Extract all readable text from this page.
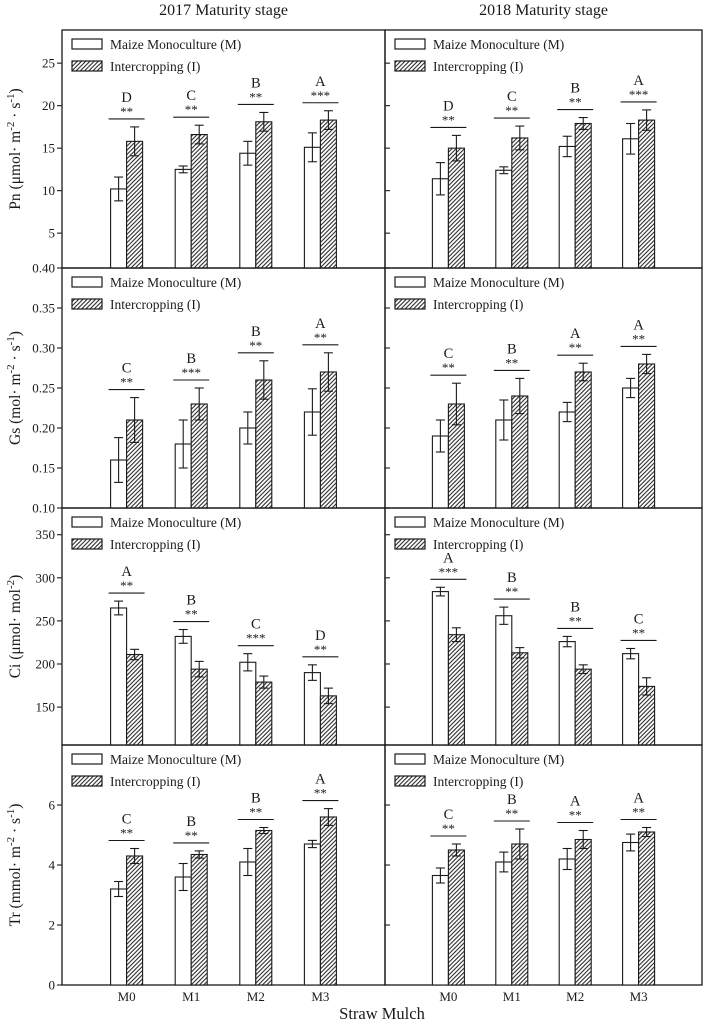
2017 Maturity stage	2018 Maturity stage
5
10
15
20
25
Pn $(\mu mol\cdot m^{-2} \cdot s^{-1})$
**
D
**
C	**
B
***
A
Maize Monoculture (M)
Intercropping (I)
**
D	**
C	**
B	***
A
Maize Monoculture (M)
Intercropping (I)
0.10
0.15
0.20
0.25
0.30
0.35
0.40
Gs $(mol\cdot m^{-2} \cdot s^{-1})$
**
C	***
B
**
B	**
A
Maize Monoculture (M)
Intercropping (I)
**
C
**
B	**
A	**
A
Maize Monoculture (M)
Intercropping (I)
150
200
250
300
350
Ci (μmol· mol$^{-2}$)
**
A
**
B
***
C
**
D
Maize Monoculture (M)
Intercropping (I)
***
A
**
B
**
B
**
C
Maize Monoculture (M)
Intercropping (I)
0
2
4
6
Tr (mmol· $m^{-2} \cdot s^{-1}$)
**
C
M0
**
B
M1
**
B
M2
**
A
M3
Maize Monoculture (M)
Intercropping (I)
**
C
M0
**
B
M1
**
A
M2
**
A
M3
Maize Monoculture (M)
Intercropping (I)
Straw Mulch
